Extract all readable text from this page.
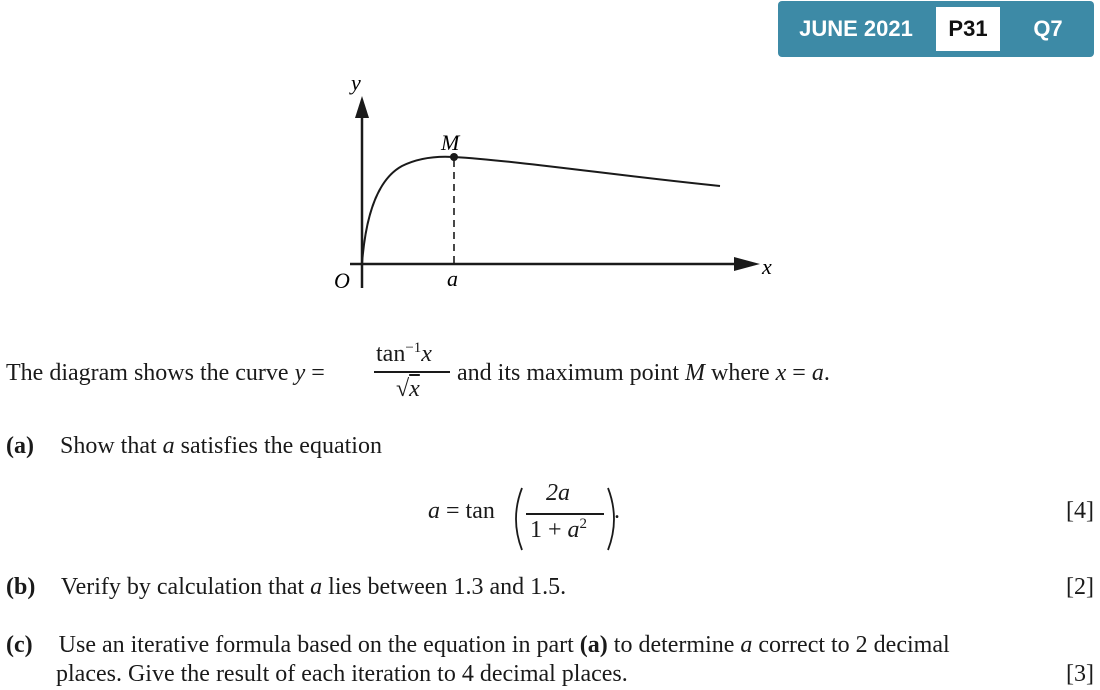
JUNE 2021	P31	Q7
y
x
O
M
a
The diagram shows the curve y =
$\tan^{-1}x$
√x
and its maximum point M where x = a.
(a) Show that a satisfies the equation
a = tan
2a
$1 + a^2$ .	[4]
(b) Verify by calculation that a lies between 1.3 and 1.5.	[2]
(c) Use an iterative formula based on the equation in part (a) to determine a correct to 2 decimal
places. Give the result of each iteration to 4 decimal places.	[3]
